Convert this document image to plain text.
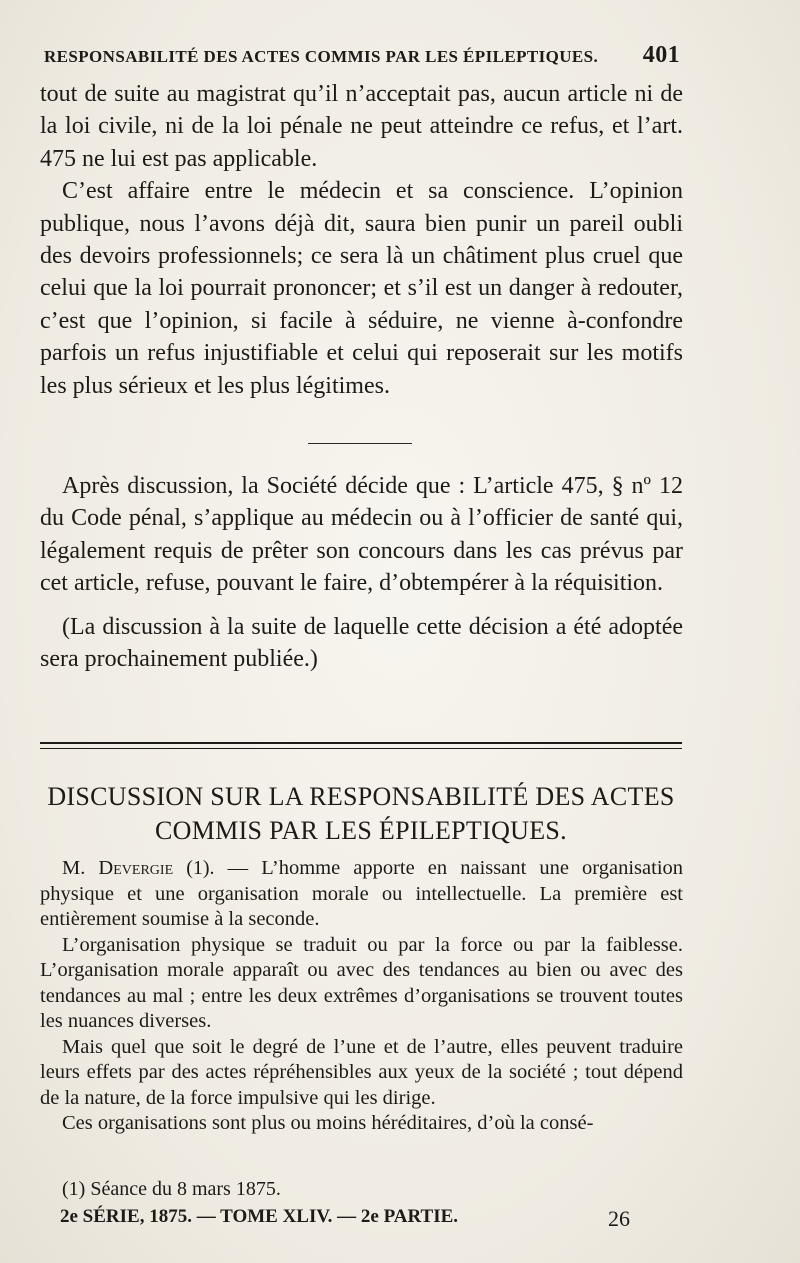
RESPONSABILITÉ DES ACTES COMMIS PAR LES ÉPILEPTIQUES. 401

tout de suite au magistrat qu’il n’acceptait pas, aucun article ni de la loi civile, ni de la loi pénale ne peut atteindre ce refus, et l’art. 475 ne lui est pas applicable.

C’est affaire entre le médecin et sa conscience. L’opinion publique, nous l’avons déjà dit, saura bien punir un pareil oubli des devoirs professionnels; ce sera là un châtiment plus cruel que celui que la loi pourrait prononcer; et s’il est un danger à redouter, c’est que l’opinion, si facile à séduire, ne vienne à-confondre parfois un refus injustifiable et celui qui reposerait sur les motifs les plus sérieux et les plus légitimes.

Après discussion, la Société décide que : L’article 475, § nº 12 du Code pénal, s’applique au médecin ou à l’officier de santé qui, légalement requis de prêter son concours dans les cas prévus par cet article, refuse, pouvant le faire, d’obtempérer à la réquisition.

(La discussion à la suite de laquelle cette décision a été adoptée sera prochainement publiée.)

DISCUSSION SUR LA RESPONSABILITÉ DES ACTES
COMMIS PAR LES ÉPILEPTIQUES.

M. Devergie (1). — L’homme apporte en naissant une organisation physique et une organisation morale ou intellectuelle. La première est entièrement soumise à la seconde.

L’organisation physique se traduit ou par la force ou par la faiblesse. L’organisation morale apparaît ou avec des tendances au bien ou avec des tendances au mal ; entre les deux extrêmes d’organisations se trouvent toutes les nuances diverses.

Mais quel que soit le degré de l’une et de l’autre, elles peuvent traduire leurs effets par des actes répréhensibles aux yeux de la société ; tout dépend de la nature, de la force impulsive qui les dirige.

Ces organisations sont plus ou moins héréditaires, d’où la consé-

(1) Séance du 8 mars 1875.
2e SÉRIE, 1875. — TOME XLIV. — 2e PARTIE.	26
